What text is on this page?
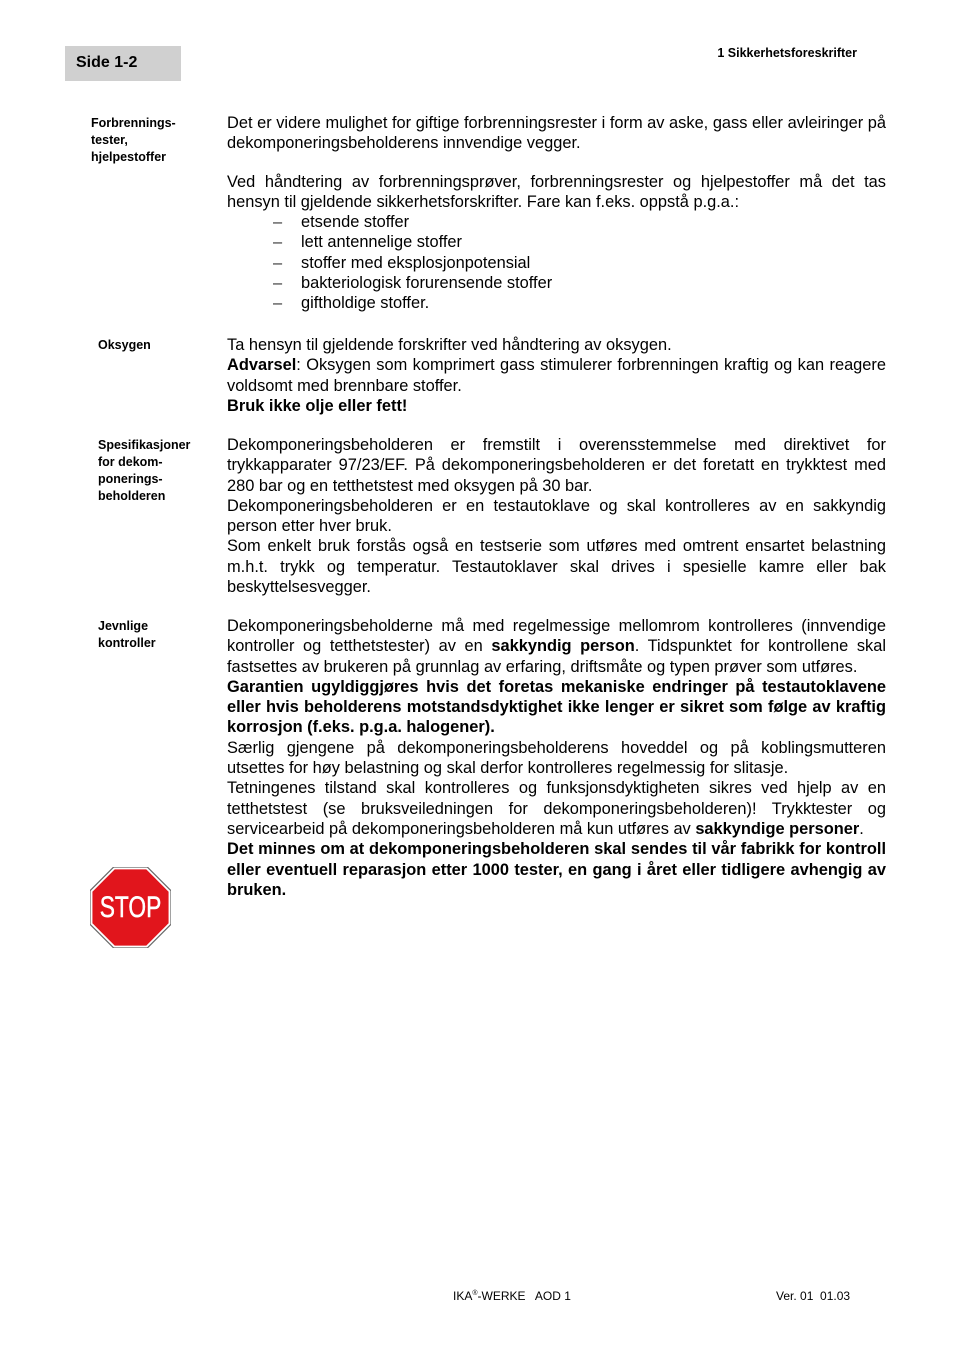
Side 1-2
1 Sikkerhetsforeskrifter
Forbrennings-
tester,
hjelpestoffer

Det er videre mulighet for giftige forbrenningsrester i form av aske, gass eller avleiringer på dekomponeringsbeholderens innvendige vegger.

Ved håndtering av forbrenningsprøver, forbrenningsrester og hjelpestoffer må det tas hensyn til gjeldende sikkerhetsforskrifter. Fare kan f.eks. oppstå p.g.a.:

– etsende stoffer
– lett antennelige stoffer
– stoffer med eksplosjonpotensial
– bakteriologisk forurensende stoffer
– giftholdige stoffer.
Oksygen	Ta hensyn til gjeldende forskrifter ved håndtering av oksygen.

Advarsel: Oksygen som komprimert gass stimulerer forbrenningen kraftig og kan reagere voldsomt med brennbare stoffer.

Bruk ikke olje eller fett!

Spesifikasjoner
for dekom-
ponerings-
beholderen

Dekomponeringsbeholderen er fremstilt i overensstemmelse med direktivet for trykkapparater 97/23/EF. På dekomponeringsbeholderen er det foretatt en trykktest med 280 bar og en tetthetstest med oksygen på 30 bar.

Dekomponeringsbeholderen er en testautoklave og skal kontrolleres av en sakkyndig person etter hver bruk.

Som enkelt bruk forstås også en testserie som utføres med omtrent ensartet belastning m.h.t. trykk og temperatur. Testautoklaver skal drives i spesielle kamre eller bak beskyttelsesvegger.

Jevnlige
kontroller

Dekomponeringsbeholderne må med regelmessige mellomrom kontrolleres (innvendige kontroller og tetthetstester) av en sakkyndig person. Tidspunktet for kontrollene skal fastsettes av brukeren på grunnlag av erfaring, driftsmåte og typen prøver som utføres.

Garantien ugyldiggjøres hvis det foretas mekaniske endringer på testautoklavene eller hvis beholderens motstandsdyktighet ikke lenger er sikret som følge av kraftig korrosjon (f.eks. p.g.a. halogener).

Særlig gjengene på dekomponeringsbeholderens hoveddel og på koblingsmutteren utsettes for høy belastning og skal derfor kontrolleres regelmessig for slitasje.

Tetningenes tilstand skal kontrolleres og funksjonsdyktigheten sikres ved hjelp av en tetthetstest (se bruksveiledningen for dekomponeringsbeholderen)! Trykktester og servicearbeid på dekomponeringsbeholderen må kun utføres av sakkyndige personer.

Det minnes om at dekomponeringsbeholderen skal sendes til vår fabrikk for kontroll eller eventuell reparasjon etter 1000 tester, en gang i året eller tidligere avhengig av bruken.

STOP
IKA®-WERKE   AOD 1	Ver. 01  01.03
